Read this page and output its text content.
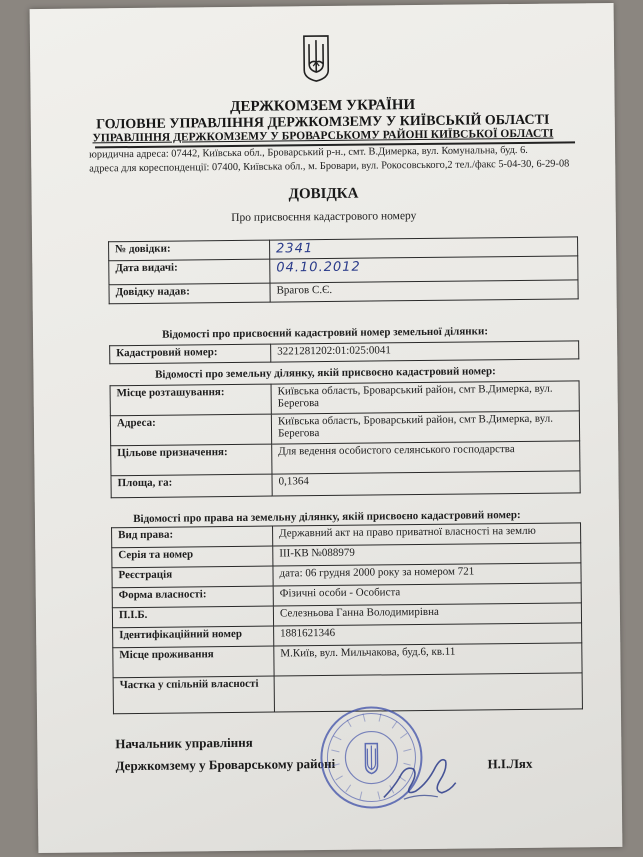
ДЕРЖКОМЗЕМ УКРАЇНИ
ГОЛОВНЕ УПРАВЛІННЯ ДЕРЖКОМЗЕМУ У КИЇВСЬКІЙ ОБЛАСТІ
УПРАВЛІННЯ ДЕРЖКОМЗЕМУ У БРОВАРСЬКОМУ РАЙОНІ КИЇВСЬКОЇ ОБЛАСТІ
юридична адреса: 07442, Київська обл., Броварський р-н., смт. В.Димерка, вул. Комунальна, буд. 6.
адреса для кореспонденції: 07400, Київська обл., м. Бровари, вул. Рокосовського,2 тел./факс 5-04-30, 6-29-08
ДОВІДКА
Про присвоєння кадастрового номеру
№ довідки:	2341
Дата видачі:	04.10.2012
Довідку надав:	Врагов С.Є.
Відомості про присвоєний кадастровий номер земельної ділянки:
Кадастровий номер:	3221281202:01:025:0041
Відомості про земельну ділянку, якій присвоєно кадастровий номер:
Місце розташування:	Київська область, Броварський район, смт В.Димерка, вул. Берегова
Адреса:	Київська область, Броварський район, смт В.Димерка, вул. Берегова
Цільове призначення:	Для ведення особистого селянського господарства
Площа, га:	0,1364
Відомості про права на земельну ділянку, якій присвоєно кадастровий номер:
Вид права:	Державний акт на право приватної власності на землю
Серія та номер	ІІІ-КВ №088979
Реєстрація	дата: 06 грудня 2000 року за номером 721
Форма власності:	Фізичні особи - Особиста
П.І.Б.	Селезньова Ганна Володимирівна
Ідентифікаційний номер	1881621346
Місце проживання	М.Київ, вул. Мильчакова, буд.6, кв.11
Частка у спільній власності	
Начальник управління
Держкомзему у Броварському районі	Н.І.Лях
